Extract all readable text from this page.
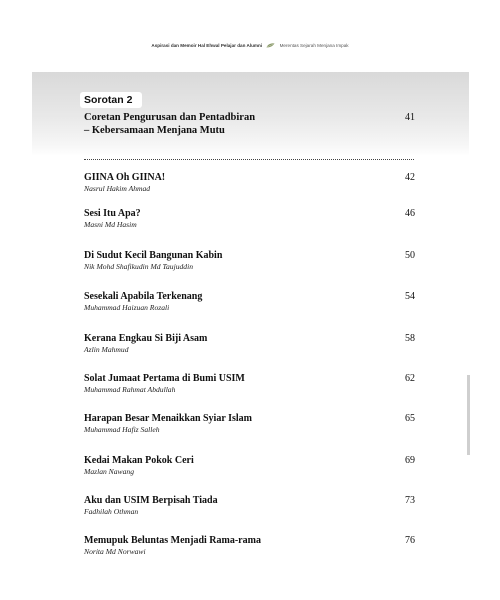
Aspirasi dan Memoir Hal Ehwal Pelajar dan Alumni	Merentas Sejarah Menjana Impak
Sorotan 2
Coretan Pengurusan dan Pentadbiran
– Kebersamaan Menjana Mutu
41
GIINA Oh GIINA!
Nasrul Hakim Ahmad
42
Sesi Itu Apa?
Masni Md Hasim
46
Di Sudut Kecil Bangunan Kabin
Nik Mohd Shafikudin Md Taujuddin
50
Sesekali Apabila Terkenang
Muhammad Haizuan Rozali
54
Kerana Engkau Si Biji Asam
Azlin Mahmud
58
Solat Jumaat Pertama di Bumi USIM
Muhammad Rahmat Abdullah
62
Harapan Besar Menaikkan Syiar Islam
Muhammad Hafiz Salleh
65
Kedai Makan Pokok Ceri
Mazlan Nawang
69
Aku dan USIM Berpisah Tiada
Fadhilah Othman
73
Memupuk Beluntas Menjadi Rama-rama
Norita Md Norwawi
76
